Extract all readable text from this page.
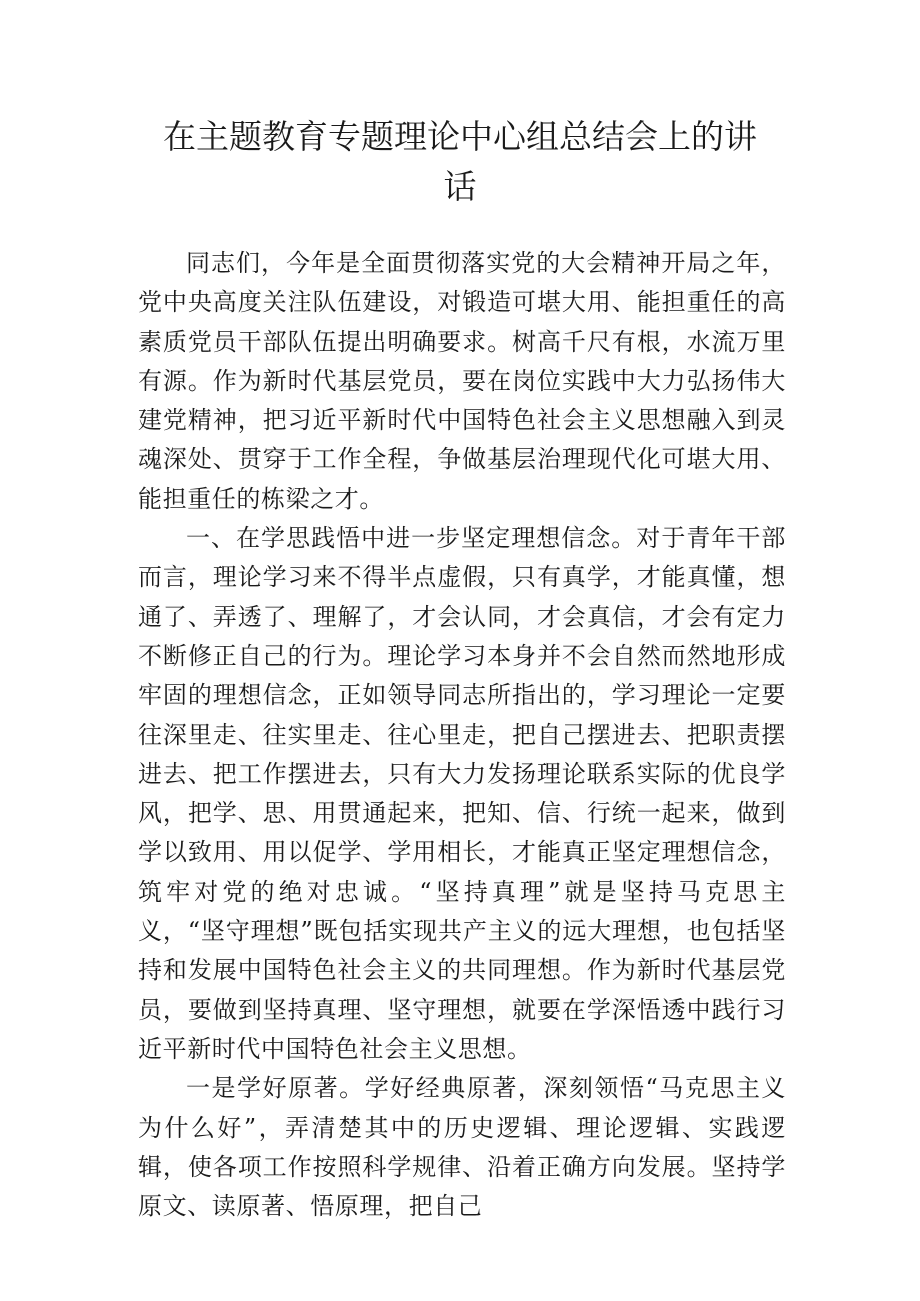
在主题教育专题理论中心组总结会上的讲
话

同志们，今年是全面贯彻落实党的大会精神开局之年，党中央高度关注队伍建设，对锻造可堪大用、能担重任的高素质党员干部队伍提出明确要求。树高千尺有根，水流万里有源。作为新时代基层党员，要在岗位实践中大力弘扬伟大建党精神，把习近平新时代中国特色社会主义思想融入到灵魂深处、贯穿于工作全程，争做基层治理现代化可堪大用、能担重任的栋梁之才。

一、在学思践悟中进一步坚定理想信念。对于青年干部而言，理论学习来不得半点虚假，只有真学，才能真懂，想通了、弄透了、理解了，才会认同，才会真信，才会有定力不断修正自己的行为。理论学习本身并不会自然而然地形成牢固的理想信念，正如领导同志所指出的，学习理论一定要往深里走、往实里走、往心里走，把自己摆进去、把职责摆进去、把工作摆进去，只有大力发扬理论联系实际的优良学风，把学、思、用贯通起来，把知、信、行统一起来，做到学以致用、用以促学、学用相长，才能真正坚定理想信念，筑牢对党的绝对忠诚。“坚持真理”就是坚持马克思主义，“坚守理想”既包括实现共产主义的远大理想，也包括坚持和发展中国特色社会主义的共同理想。作为新时代基层党员，要做到坚持真理、坚守理想，就要在学深悟透中践行习近平新时代中国特色社会主义思想。

一是学好原著。学好经典原著，深刻领悟“马克思主义为什么好”，弄清楚其中的历史逻辑、理论逻辑、实践逻辑，使各项工作按照科学规律、沿着正确方向发展。坚持学原文、读原著、悟原理，把自己
